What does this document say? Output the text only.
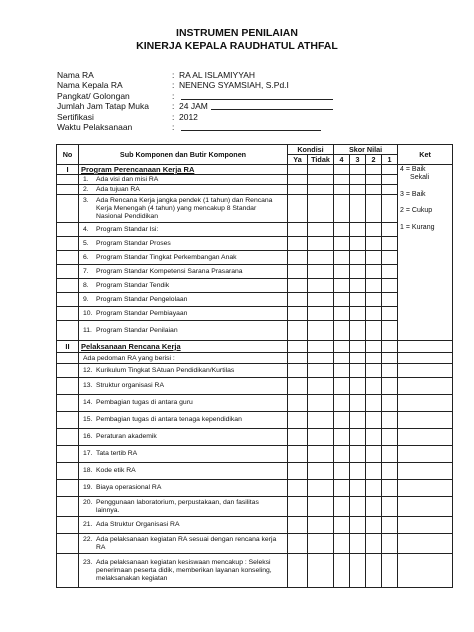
INSTRUMEN PENILAIAN
KINERJA KEPALA RAUDHATUL ATHFAL
Nama RA	: RA AL ISLAMIYYAH
Nama Kepala RA	: NENENG SYAMSIAH, S.Pd.I
Pangkat/ Golongan	:
Jumlah Jam Tatap Muka	: 24 JAM
Sertifikasi	: 2012
Waktu Pelaksanaan	:
No	Sub Komponen dan Butir Komponen	Kondisi		Skor Nilai				Ket
		Ya	Tidak	4	3	2	1	
I	Program Perencanaan Kerja RA							4 = Baik
Sekali
3 = Baik
2 = Cukup
1 = Kurang

	1. Ada visi dan misi RA							
	2. Ada tujuan RA							
	3. Ada Rencana Kerja jangka pendek (1 tahun) dan Rencana Kerja Menengah (4 tahun) yang mencakup 8 Standar Nasional Pendidikan							
	4. Program Standar Isi:							
	5. Program Standar Proses							
	6. Program Standar Tingkat Perkembangan Anak							
	7. Program Standar Kompetensi Sarana Prasarana							
	8. Program Standar Tendik							
	9. Program Standar Pengelolaan							
	10. Program Standar Pembiayaan							
	11. Program Standar Penilaian							
II	Pelaksanaan Rencana Kerja							
	Ada pedoman RA yang berisi :							
	12. Kurikulum Tingkat SAtuan Pendidikan/Kurtilas							
	13. Struktur organisasi RA							
	14. Pembagian tugas di antara guru							
	15. Pembagian tugas di antara tenaga kependidikan							
	16. Peraturan akademik							
	17. Tata tertib RA							
	18. Kode etik RA							
	19. Biaya operasional RA							
	20. Penggunaan laboratorium, perpustakaan, dan fasilitas lainnya.							
	21. Ada Struktur Organisasi RA							
	22. Ada pelaksanaan kegiatan RA sesuai dengan rencana kerja RA							
	23. Ada pelaksanaan kegiatan kesiswaan mencakup : Seleksi penerimaan peserta didik, memberikan layanan konseling, melaksanakan kegiatan							
